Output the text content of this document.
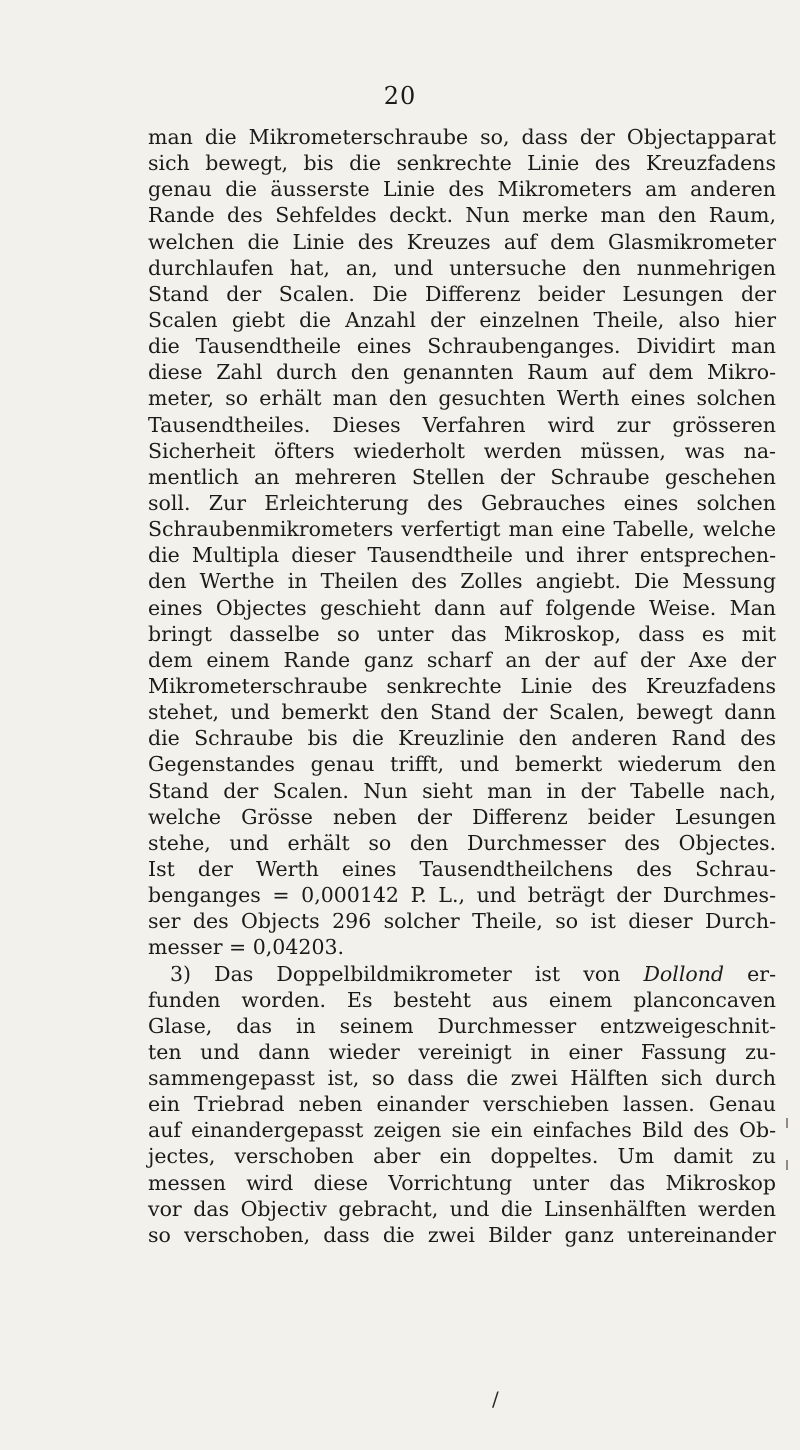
20
man die Mikrometerschraube so, dass der Objectapparat
sich bewegt, bis die senkrechte Linie des Kreuzfadens
genau die äusserste Linie des Mikrometers am anderen
Rande des Sehfeldes deckt. Nun merke man den Raum,
welchen die Linie des Kreuzes auf dem Glasmikrometer
durchlaufen hat, an, und untersuche den nunmehrigen
Stand der Scalen. Die Differenz beider Lesungen der
Scalen giebt die Anzahl der einzelnen Theile, also hier
die Tausendtheile eines Schraubenganges. Dividirt man
diese Zahl durch den genannten Raum auf dem Mikro-
meter, so erhält man den gesuchten Werth eines solchen
Tausendtheiles. Dieses Verfahren wird zur grösseren
Sicherheit öfters wiederholt werden müssen, was na-
mentlich an mehreren Stellen der Schraube geschehen
soll. Zur Erleichterung des Gebrauches eines solchen
Schraubenmikrometers verfertigt man eine Tabelle, welche
die Multipla dieser Tausendtheile und ihrer entsprechen-
den Werthe in Theilen des Zolles angiebt. Die Messung
eines Objectes geschieht dann auf folgende Weise. Man
bringt dasselbe so unter das Mikroskop, dass es mit
dem einem Rande ganz scharf an der auf der Axe der
Mikrometerschraube senkrechte Linie des Kreuzfadens
stehet, und bemerkt den Stand der Scalen, bewegt dann
die Schraube bis die Kreuzlinie den anderen Rand des
Gegenstandes genau trifft, und bemerkt wiederum den
Stand der Scalen. Nun sieht man in der Tabelle nach,
welche Grösse neben der Differenz beider Lesungen
stehe, und erhält so den Durchmesser des Objectes.
Ist der Werth eines Tausendtheilchens des Schrau-
benganges = 0,000142 P. L., und beträgt der Durchmes-
ser des Objects 296 solcher Theile, so ist dieser Durch-
messer = 0,04203.
3) Das Doppelbildmikrometer ist von Dollond er-
funden worden. Es besteht aus einem planconcaven
Glase, das in seinem Durchmesser entzweigeschnit-
ten und dann wieder vereinigt in einer Fassung zu-
sammengepasst ist, so dass die zwei Hälften sich durch
ein Triebrad neben einander verschieben lassen. Genau
auf einandergepasst zeigen sie ein einfaches Bild des Ob-
jectes, verschoben aber ein doppeltes. Um damit zu
messen wird diese Vorrichtung unter das Mikroskop
vor das Objectiv gebracht, und die Linsenhälften werden
so verschoben, dass die zwei Bilder ganz untereinander
/
